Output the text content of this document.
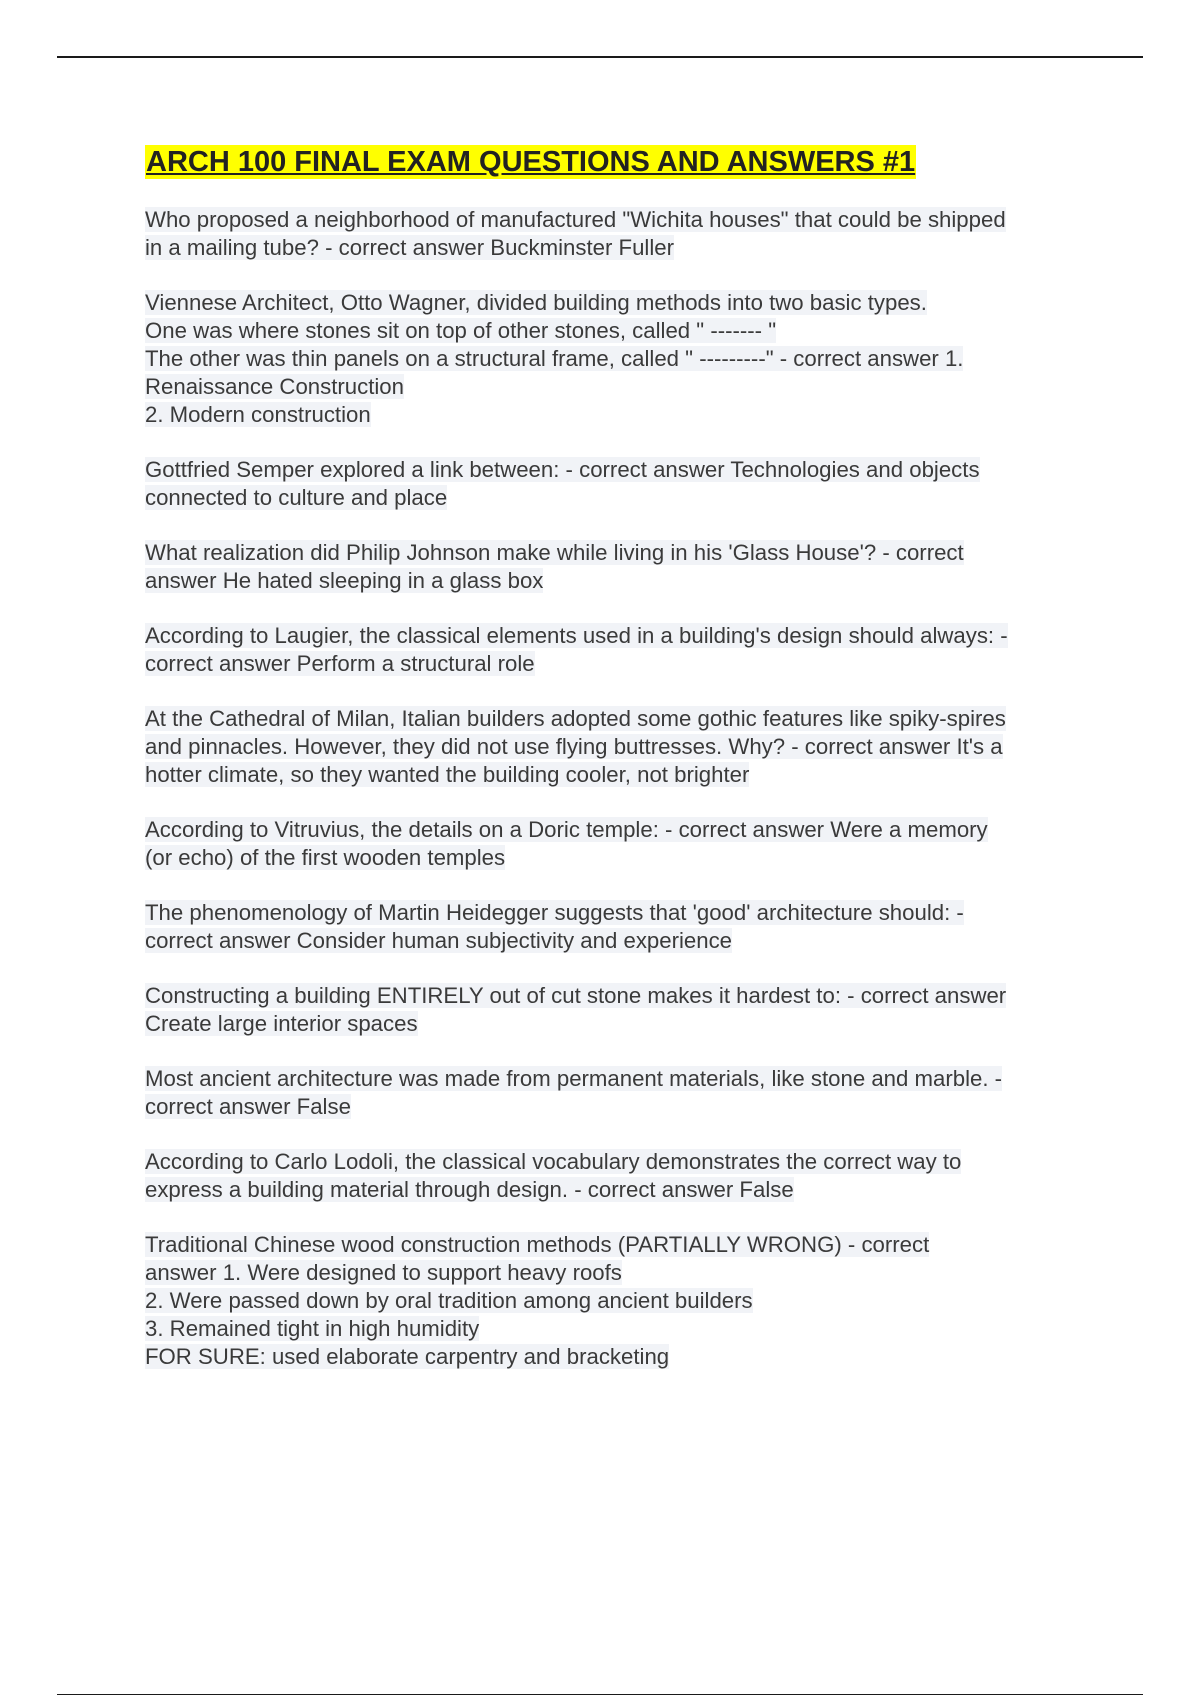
ARCH 100 FINAL EXAM QUESTIONS AND ANSWERS #1
Who proposed a neighborhood of manufactured "Wichita houses" that could be shipped
in a mailing tube? - correct answer Buckminster Fuller
Viennese Architect, Otto Wagner, divided building methods into two basic types.
One was where stones sit on top of other stones, called " ------- "
The other was thin panels on a structural frame, called " ---------" - correct answer 1.
Renaissance Construction
2. Modern construction
Gottfried Semper explored a link between: - correct answer Technologies and objects
connected to culture and place
What realization did Philip Johnson make while living in his 'Glass House'? - correct
answer He hated sleeping in a glass box
According to Laugier, the classical elements used in a building's design should always: -
correct answer Perform a structural role
At the Cathedral of Milan, Italian builders adopted some gothic features like spiky-spires
and pinnacles. However, they did not use flying buttresses. Why? - correct answer It's a
hotter climate, so they wanted the building cooler, not brighter
According to Vitruvius, the details on a Doric temple: - correct answer Were a memory
(or echo) of the first wooden temples
The phenomenology of Martin Heidegger suggests that 'good' architecture should: -
correct answer Consider human subjectivity and experience
Constructing a building ENTIRELY out of cut stone makes it hardest to: - correct answer
Create large interior spaces
Most ancient architecture was made from permanent materials, like stone and marble. -
correct answer False
According to Carlo Lodoli, the classical vocabulary demonstrates the correct way to
express a building material through design. - correct answer False
Traditional Chinese wood construction methods (PARTIALLY WRONG) - correct
answer 1. Were designed to support heavy roofs
2. Were passed down by oral tradition among ancient builders
3. Remained tight in high humidity
FOR SURE: used elaborate carpentry and bracketing
